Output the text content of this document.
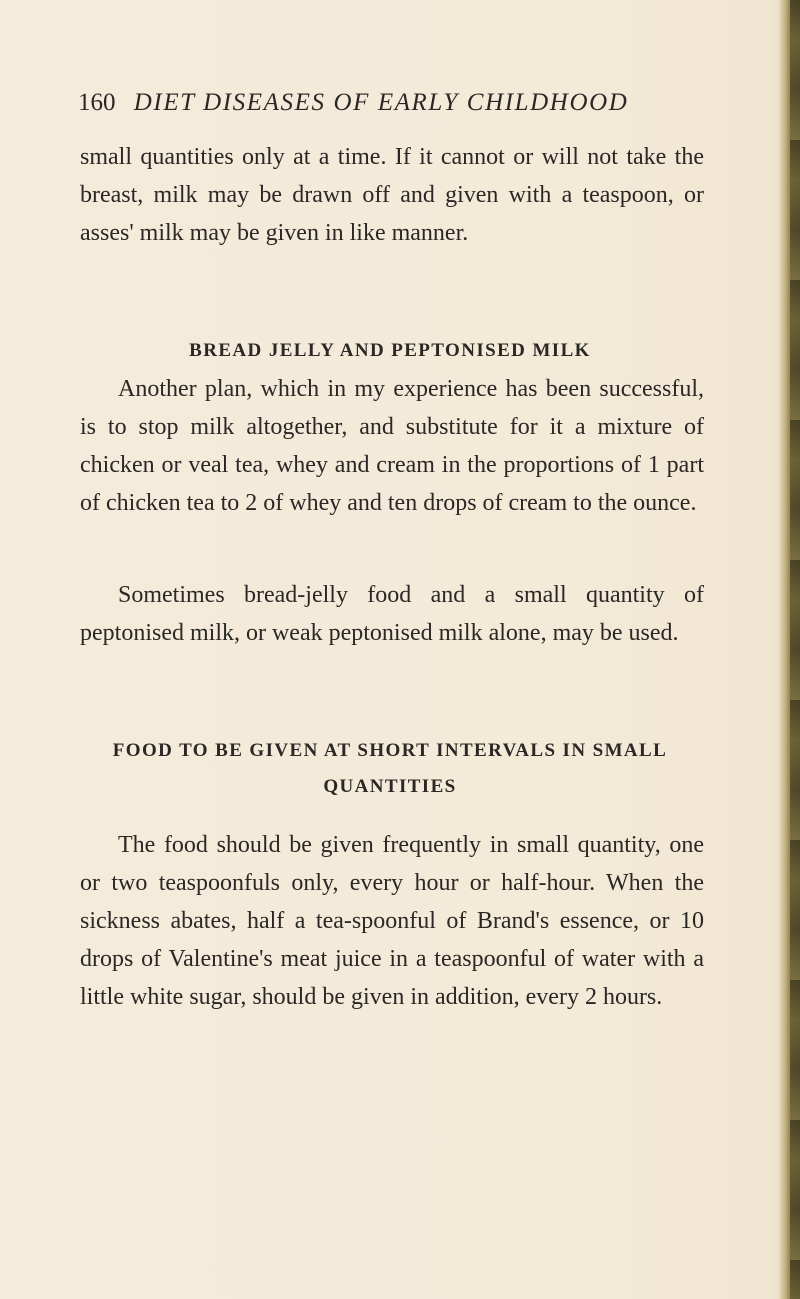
160 DIET DISEASES OF EARLY CHILDHOOD

small quantities only at a time. If it cannot or will not take the breast, milk may be drawn off and given with a teaspoon, or asses' milk may be given in like manner.

BREAD JELLY AND PEPTONISED MILK

Another plan, which in my experience has been successful, is to stop milk altogether, and substitute for it a mixture of chicken or veal tea, whey and cream in the proportions of 1 part of chicken tea to 2 of whey and ten drops of cream to the ounce.

Sometimes bread-jelly food and a small quantity of peptonised milk, or weak peptonised milk alone, may be used.

FOOD TO BE GIVEN AT SHORT INTERVALS IN SMALL QUANTITIES

The food should be given frequently in small quantity, one or two teaspoonfuls only, every hour or half-hour. When the sickness abates, half a tea-spoonful of Brand's essence, or 10 drops of Valentine's meat juice in a teaspoonful of water with a little white sugar, should be given in addition, every 2 hours.
